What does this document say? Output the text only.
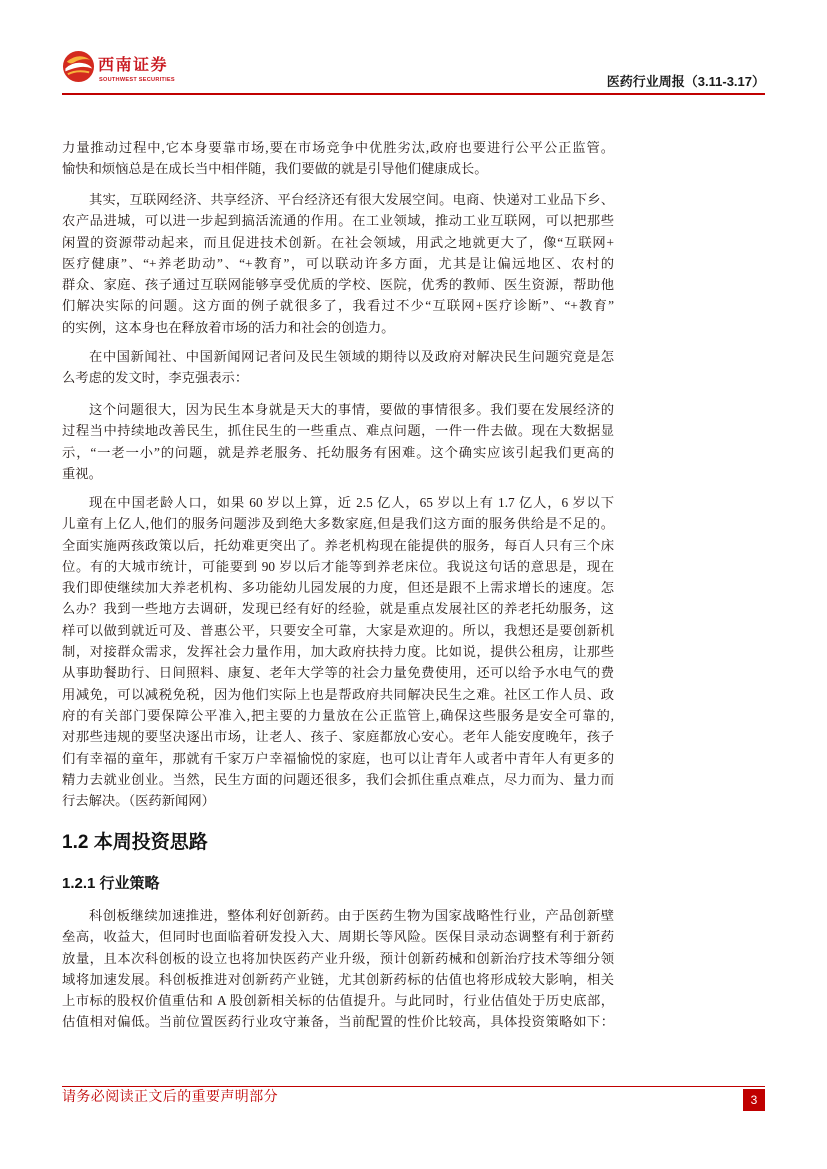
西南证券
SOUTHWEST SECURITIES	医药行业周报（3.11-3.17）
力量推动过程中,它本身要靠市场,要在市场竞争中优胜劣汰,政府也要进行公平公正监管。
愉快和烦恼总是在成长当中相伴随，我们要做的就是引导他们健康成长。
其实，互联网经济、共享经济、平台经济还有很大发展空间。电商、快递对工业品下乡、
农产品进城，可以进一步起到搞活流通的作用。在工业领域，推动工业互联网，可以把那些
闲置的资源带动起来，而且促进技术创新。在社会领域，用武之地就更大了，像“互联网+
医疗健康”、“+养老助动”、“+教育”，可以联动许多方面，尤其是让偏远地区、农村的
群众、家庭、孩子通过互联网能够享受优质的学校、医院，优秀的教师、医生资源，帮助他
们解决实际的问题。这方面的例子就很多了，我看过不少“互联网+医疗诊断”、“+教育”
的实例，这本身也在释放着市场的活力和社会的创造力。
在中国新闻社、中国新闻网记者问及民生领域的期待以及政府对解决民生问题究竟是怎
么考虑的发文时，李克强表示：
这个问题很大，因为民生本身就是天大的事情，要做的事情很多。我们要在发展经济的
过程当中持续地改善民生，抓住民生的一些重点、难点问题，一件一件去做。现在大数据显
示，“一老一小”的问题，就是养老服务、托幼服务有困难。这个确实应该引起我们更高的
重视。
现在中国老龄人口，如果 60 岁以上算，近 2.5 亿人，65 岁以上有 1.7 亿人，6 岁以下
儿童有上亿人,他们的服务问题涉及到绝大多数家庭,但是我们这方面的服务供给是不足的。
全面实施两孩政策以后，托幼难更突出了。养老机构现在能提供的服务，每百人只有三个床
位。有的大城市统计，可能要到 90 岁以后才能等到养老床位。我说这句话的意思是，现在
我们即使继续加大养老机构、多功能幼儿园发展的力度，但还是跟不上需求增长的速度。怎
么办？我到一些地方去调研，发现已经有好的经验，就是重点发展社区的养老托幼服务，这
样可以做到就近可及、普惠公平，只要安全可靠，大家是欢迎的。所以，我想还是要创新机
制，对接群众需求，发挥社会力量作用，加大政府扶持力度。比如说，提供公租房，让那些
从事助餐助行、日间照料、康复、老年大学等的社会力量免费使用，还可以给予水电气的费
用减免，可以减税免税，因为他们实际上也是帮政府共同解决民生之难。社区工作人员、政
府的有关部门要保障公平准入,把主要的力量放在公正监管上,确保这些服务是安全可靠的,
对那些违规的要坚决逐出市场，让老人、孩子、家庭都放心安心。老年人能安度晚年，孩子
们有幸福的童年，那就有千家万户幸福愉悦的家庭，也可以让青年人或者中青年人有更多的
精力去就业创业。当然，民生方面的问题还很多，我们会抓住重点难点，尽力而为、量力而
行去解决。（医药新闻网）
1.2 本周投资思路
1.2.1 行业策略
科创板继续加速推进，整体利好创新药。由于医药生物为国家战略性行业，产品创新壁
垒高，收益大，但同时也面临着研发投入大、周期长等风险。医保目录动态调整有利于新药
放量，且本次科创板的设立也将加快医药产业升级，预计创新药械和创新治疗技术等细分领
域将加速发展。科创板推进对创新药产业链，尤其创新药标的估值也将形成较大影响，相关
上市标的股权价值重估和 A 股创新相关标的估值提升。与此同时，行业估值处于历史底部，
估值相对偏低。当前位置医药行业攻守兼备，当前配置的性价比较高，具体投资策略如下：
请务必阅读正文后的重要声明部分	3
